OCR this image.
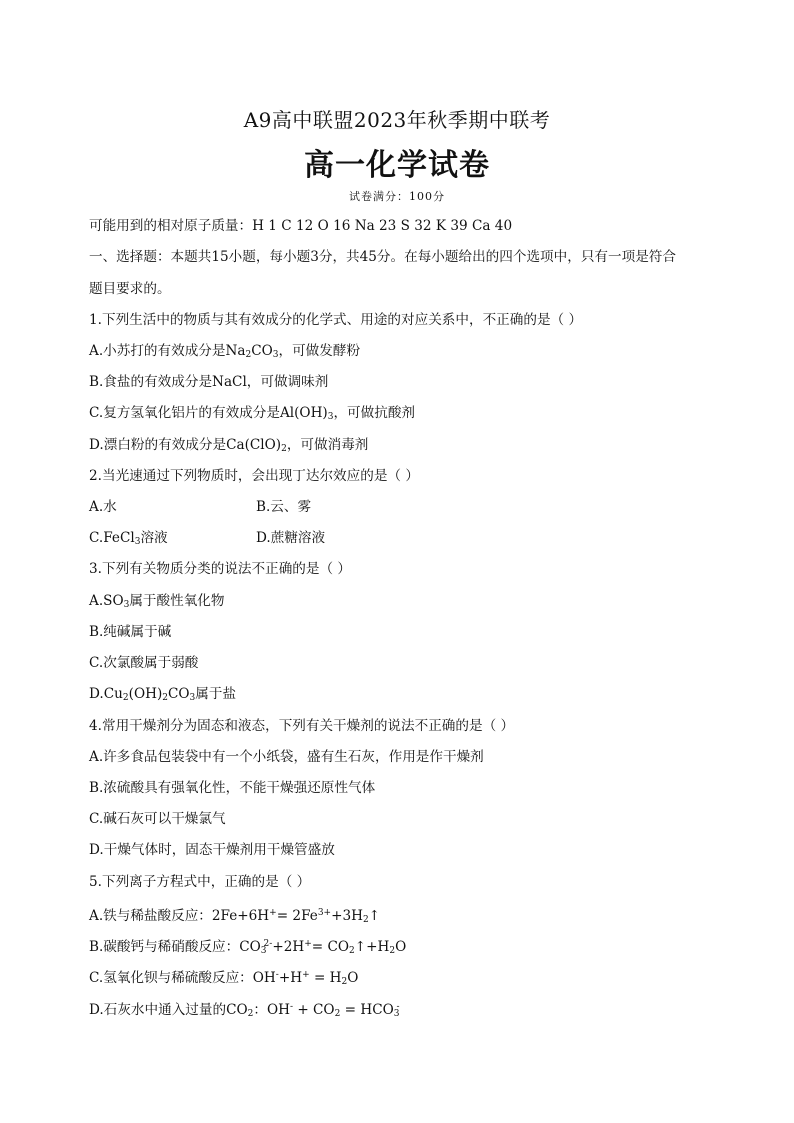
A9高中联盟2023年秋季期中联考
高一化学试卷
试卷满分：100分
可能用到的相对原子质量：H 1 C 12 O 16 Na 23 S 32 K 39 Ca 40
一、选择题：本题共15小题，每小题3分，共45分。在每小题给出的四个选项中，只有一项是符合
题目要求的。
1.下列生活中的物质与其有效成分的化学式、用途的对应关系中，不正确的是（ ）
A.小苏打的有效成分是$Na_2CO_3$，可做发酵粉
B.食盐的有效成分是NaCl，可做调味剂
C.复方氢氧化铝片的有效成分是$Al(OH)_3$，可做抗酸剂
D.漂白粉的有效成分是$Ca(ClO)_2$，可做消毒剂
2.当光速通过下列物质时，会出现丁达尔效应的是（ ）
A.水	B.云、雾
C.FeCl$_3$溶液	D.蔗糖溶液
3.下列有关物质分类的说法不正确的是（ ）
$A.SO_3$属于酸性氧化物
B.纯碱属于碱
C.次氯酸属于弱酸
$D.Cu_2(OH)_2CO_3$属于盐
4.常用干燥剂分为固态和液态，下列有关干燥剂的说法不正确的是（ ）
A.许多食品包装袋中有一个小纸袋，盛有生石灰，作用是作干燥剂
B.浓硫酸具有强氧化性，不能干燥强还原性气体
C.碱石灰可以干燥氯气
D.干燥气体时，固态干燥剂用干燥管盛放
5.下列离子方程式中，正确的是（ ）
A.铁与稀盐酸反应：$2Fe+6H^+= 2Fe^{3+}+3H_2↑$
B.碳酸钙与稀硝酸反应：$CO_3^{2-}+2H^+=$ $CO_2↑+H_2O$
C.氢氧化钡与稀硫酸反应：$OH^-+H^+ = H_2O$
D.石灰水中通入过量的$CO_2$：$OH^- + CO_2 = HCO_3^-$
